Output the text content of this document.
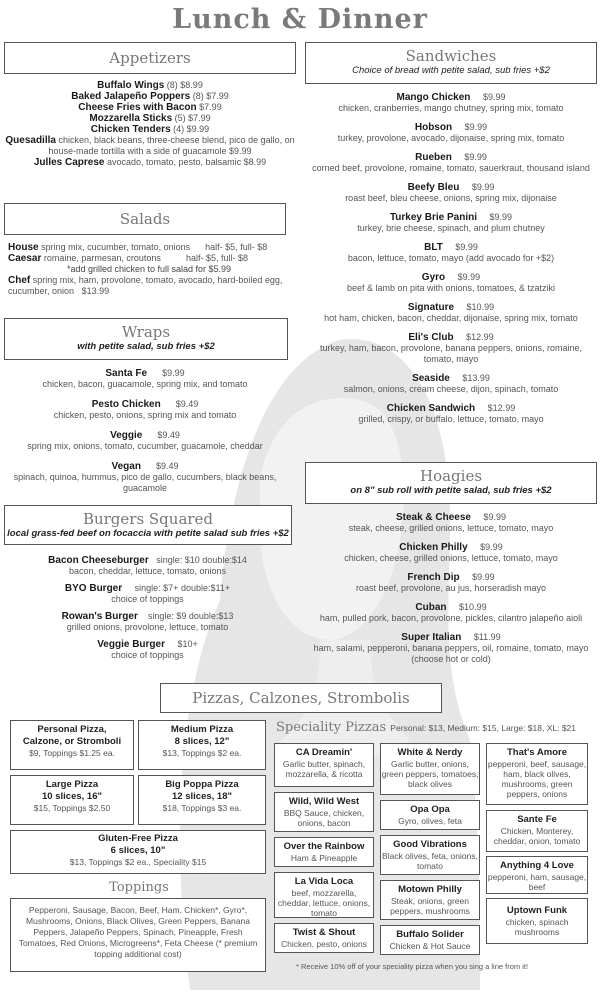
Lunch & Dinner
Appetizers

Buffalo Wings (8) $8.99

Baked Jalapeño Poppers (8) $7.99

Cheese Fries with Bacon $7.99

Mozzarella Sticks (5) $7.99

Chicken Tenders (4) $9.99

Quesadilla chicken, black beans, three-cheese blend, pico de gallo, on house-made tortilla with a side of guacamole $9.99

Julles Caprese avocado, tomato, pesto, balsamic $8.99

Salads

House spring mix, cucumber, tomato, onions half- $5, full- $8

Caesar romaine, parmesan, croutons	half- $5, full- $8

*add grilled chicken to full salad for $5.99

Chef spring mix, ham, provolone, tomato, avocado, hard-boiled egg, cucumber, onion $13.99

Wraps
with petite salad, sub fries +$2

Santa Fe $9.99

chicken, bacon, guacamole, spring mix, and tomato

Pesto Chicken $9.49

chicken, pesto, onions, spring mix and tomato

Veggie $9.49

spring mix, onions, tomato, cucumber, guacamole, cheddar

Vegan $9.49

spinach, quinoa, hummus, pico de gallo, cucumbers, black beans, guacamole

Burgers Squared
local grass-fed beef on focaccia with petite salad sub fries +$2

Bacon Cheeseburger single: $10 double:$14

bacon, cheddar, lettuce, tomato, onions

BYO Burger single: $7+ double:$11+

choice of toppings

Rowan's Burger single: $9 double:$13

grilled onions, provolone, lettuce, tomato

Veggie Burger $10+

choice of toppings

Sandwiches
Choice of bread with petite salad, sub fries +$2

Mango Chicken $9.99

chicken, cranberries, mango chutney, spring mix, tomato

Hobson $9.99

turkey, provolone, avocado, dijonaise, spring mix, tomato

Rueben $9.99

corned beef, provolone, romaine, tomato, sauerkraut, thousand island

Beefy Bleu $9.99

roast beef, bleu cheese, onions, spring mix, dijonaise

Turkey Brie Panini $9.99

turkey, brie cheese, spinach, and plum chutney

BLT $9.99

bacon, lettuce, tomato, mayo (add avocado for +$2)

Gyro $9.99

beef & lamb on pita with onions, tomatoes, & tzatziki

Signature $10.99

hot ham, chicken, bacon, cheddar, dijonaise, spring mix, tomato

Eli's Club $12.99

turkey, ham, bacon, provolone, banana peppers, onions, romaine, tomato, mayo

Seaside $13.99

salmon, onions, cream cheese, dijon, spinach, tomato

Chicken Sandwich $12.99

grilled, crispy, or buffalo, lettuce, tomato, mayo

Hoagies
on 8" sub roll with petite salad, sub fries +$2

Steak & Cheese $9.99

steak, cheese, grilled onions, lettuce, tomato, mayo

Chicken Philly $9.99

chicken, cheese, grilled onions, lettuce, tomato, mayo

French Dip $9.99

roast beef, provolone, au jus, horseradish mayo

Cuban $10.99

ham, pulled pork, bacon, provolone, pickles, cilantro jalapeño aioli

Super Italian $11.99

ham, salami, pepperoni, banana peppers, oil, romaine, tomato, mayo (choose hot or cold)

Pizzas, Calzones, Strombolis
Personal Pizza,
Calzone, or Stromboli
$9, Toppings $1.25 ea.
Medium Pizza
8 slices, 12"
$13, Toppings $2 ea.
Large Pizza
10 slices, 16"
$15, Toppings $2.50
Big Poppa Pizza
12 slices, 18"
$18, Toppings $3 ea.
Gluten-Free Pizza
6 slices, 10"
$13, Toppings $2 ea., Speciality $15
Toppings
Pepperoni, Sausage, Bacon, Beef, Ham, Chicken*, Gyro*, Mushrooms, Onions, Black Olives, Green Peppers, Banana Peppers, Jalapeño Peppers, Spinach, Pineapple, Fresh Tomatoes, Red Onions, Microgreens*, Feta Cheese (* premium topping additional cost)
Speciality Pizzas Personal: $13, Medium: $15, Large: $18, XL: $21
CA Dreamin'
Garlic butter, spinach, mozzarella, & ricotta
White & Nerdy
Garlic butter, onions, green peppers, tomatoes, black olives
That's Amore
pepperoni, beef, sausage, ham, black olives, mushrooms, green peppers, onions
Wild, Wild West
BBQ Sauce, chicken, onions, bacon
Opa Opa
Gyro, olives, feta	Sante Fe
Chicken, Monterey, cheddar, onion, tomato
Over the Rainbow
Ham & Pineapple
Good Vibrations
Black olives, feta, onions, tomato	Anything 4 Love
pepperoni, ham, sausage, beef
La Vida Loca
beef, mozzarella, cheddar, lettuce, onions, tomato
Motown Philly
Steak, onions, green peppers, mushrooms	Uptown Funk
chicken, spinach mushrooms
Twist & Shout
Chicken, pesto, onions
Buffalo Solider
Chicken & Hot Sauce
* Receive 10% off of your speciality pizza when you sing a line from it!
